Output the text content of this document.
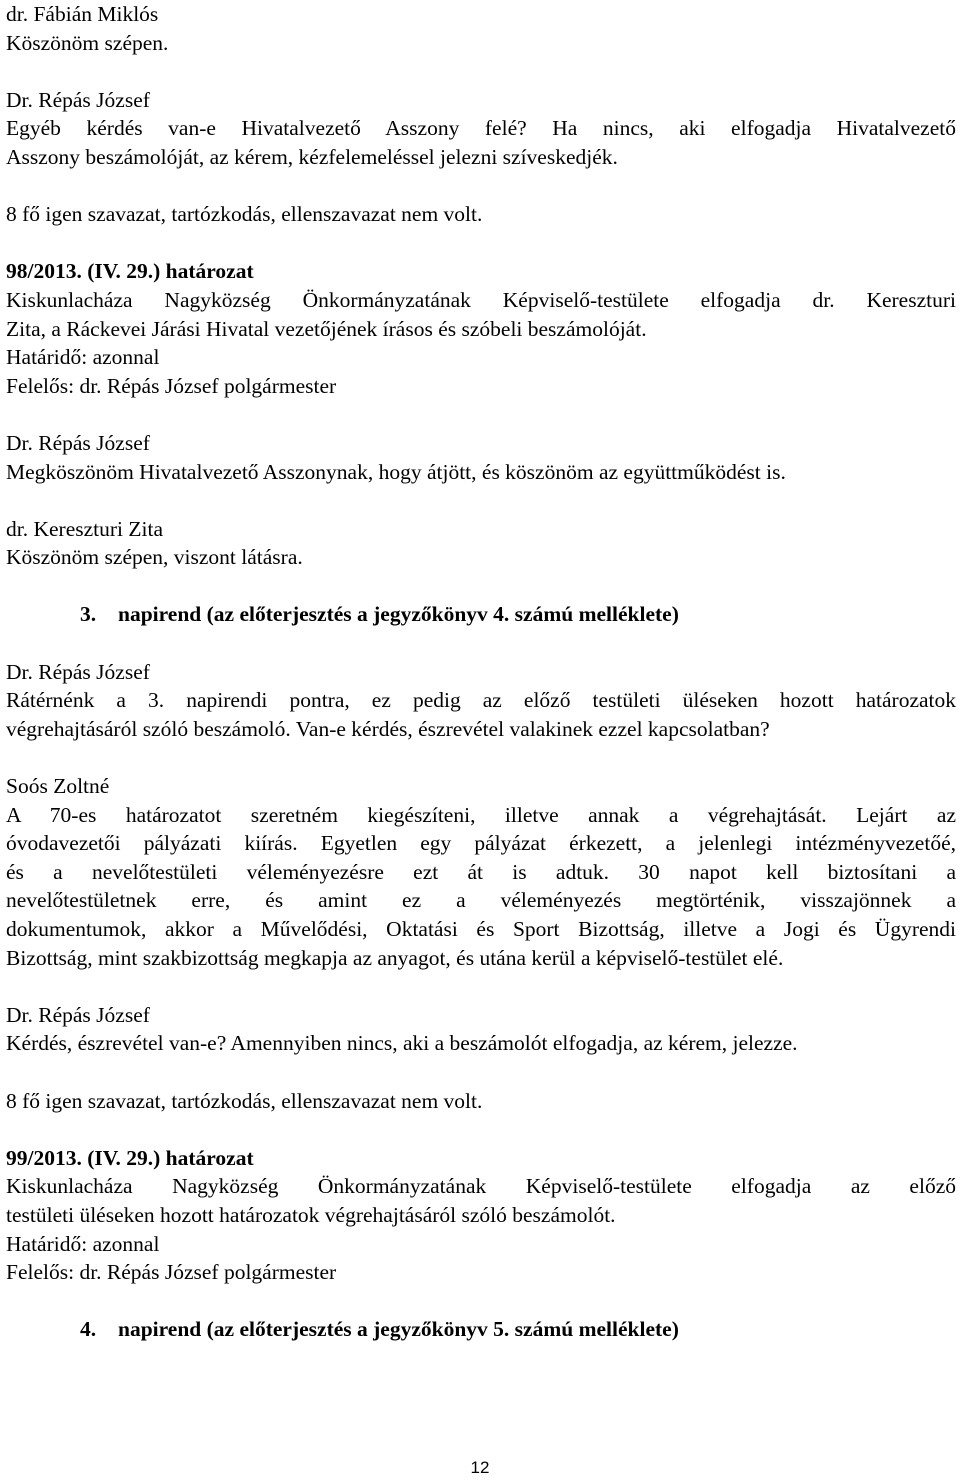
dr. Fábián Miklós
Köszönöm szépen.
Dr. Répás József
Egyéb kérdés van-e Hivatalvezető Asszony felé? Ha nincs, aki elfogadja Hivatalvezető
Asszony beszámolóját, az kérem, kézfelemeléssel jelezni szíveskedjék.
8 fő igen szavazat, tartózkodás, ellenszavazat nem volt.
98/2013. (IV. 29.) határozat
Kiskunlacháza Nagyközség Önkormányzatának Képviselő-testülete elfogadja dr. Kereszturi
Zita, a Ráckevei Járási Hivatal vezetőjének írásos és szóbeli beszámolóját.
Határidő: azonnal
Felelős: dr. Répás József polgármester
Dr. Répás József
Megköszönöm Hivatalvezető Asszonynak, hogy átjött, és köszönöm az együttműködést is.
dr. Kereszturi Zita
Köszönöm szépen, viszont látásra.
3. napirend (az előterjesztés a jegyzőkönyv 4. számú melléklete)
Dr. Répás József
Rátérnénk a 3. napirendi pontra, ez pedig az előző testületi üléseken hozott határozatok
végrehajtásáról szóló beszámoló. Van-e kérdés, észrevétel valakinek ezzel kapcsolatban?
Soós Zoltné
A 70-es határozatot szeretném kiegészíteni, illetve annak a végrehajtását. Lejárt az
óvodavezetői pályázati kiírás. Egyetlen egy pályázat érkezett, a jelenlegi intézményvezetőé,
és a nevelőtestületi véleményezésre ezt át is adtuk. 30 napot kell biztosítani a
nevelőtestületnek erre, és amint ez a véleményezés megtörténik, visszajönnek a
dokumentumok, akkor a Művelődési, Oktatási és Sport Bizottság, illetve a Jogi és Ügyrendi
Bizottság, mint szakbizottság megkapja az anyagot, és utána kerül a képviselő-testület elé.
Dr. Répás József
Kérdés, észrevétel van-e? Amennyiben nincs, aki a beszámolót elfogadja, az kérem, jelezze.
8 fő igen szavazat, tartózkodás, ellenszavazat nem volt.
99/2013. (IV. 29.) határozat
Kiskunlacháza Nagyközség Önkormányzatának Képviselő-testülete elfogadja az előző
testületi üléseken hozott határozatok végrehajtásáról szóló beszámolót.
Határidő: azonnal
Felelős: dr. Répás József polgármester
4. napirend (az előterjesztés a jegyzőkönyv 5. számú melléklete)
12
